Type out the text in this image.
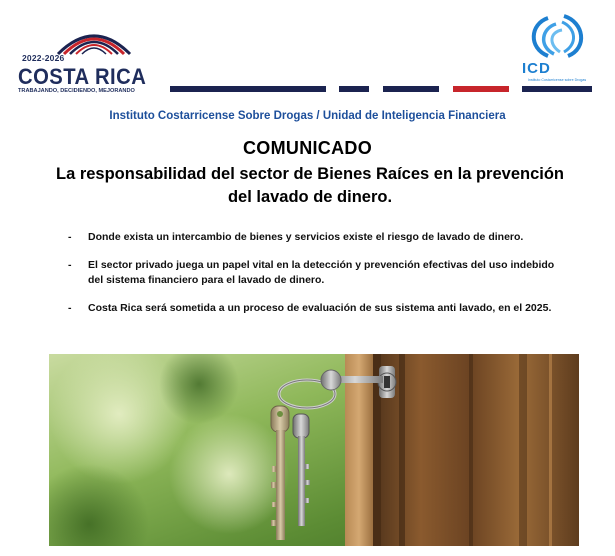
2022-2026
COSTA RICA
TRABAJANDO, DECIDIENDO, MEJORANDO
ICD
Instituto Costarricense sobre Drogas
Instituto Costarricense Sobre Drogas / Unidad de Inteligencia Financiera
COMUNICADO
La responsabilidad del sector de Bienes Raíces en la prevención
del lavado de dinero.
- Donde exista un intercambio de bienes y servicios existe el riesgo de lavado de dinero.
- El sector privado juega un papel vital en la detección y prevención efectivas del uso indebido del sistema financiero para el lavado de dinero.
- Costa Rica será sometida a un proceso de evaluación de sus sistema anti lavado, en el 2025.
